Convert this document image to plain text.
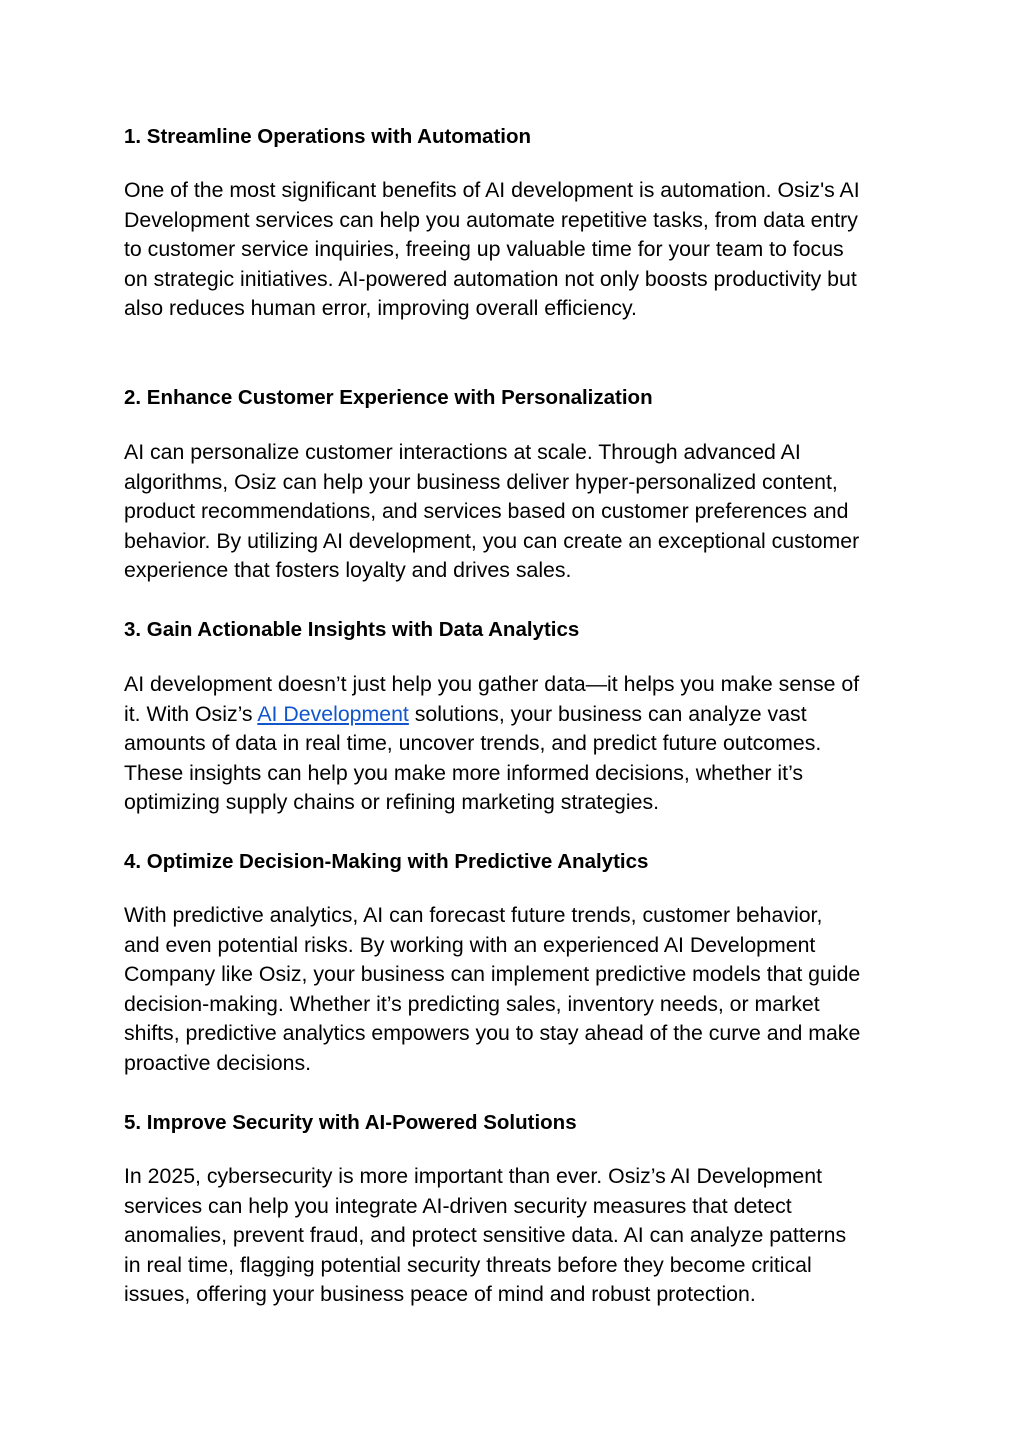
1. Streamline Operations with Automation

One of the most significant benefits of AI development is automation. Osiz's AI
Development services can help you automate repetitive tasks, from data entry
to customer service inquiries, freeing up valuable time for your team to focus
on strategic initiatives. AI-powered automation not only boosts productivity but
also reduces human error, improving overall efficiency.

2. Enhance Customer Experience with Personalization

AI can personalize customer interactions at scale. Through advanced AI
algorithms, Osiz can help your business deliver hyper-personalized content,
product recommendations, and services based on customer preferences and
behavior. By utilizing AI development, you can create an exceptional customer
experience that fosters loyalty and drives sales.

3. Gain Actionable Insights with Data Analytics

AI development doesn’t just help you gather data—it helps you make sense of
it. With Osiz’s AI Development solutions, your business can analyze vast
amounts of data in real time, uncover trends, and predict future outcomes.
These insights can help you make more informed decisions, whether it’s
optimizing supply chains or refining marketing strategies.

4. Optimize Decision-Making with Predictive Analytics

With predictive analytics, AI can forecast future trends, customer behavior,
and even potential risks. By working with an experienced AI Development
Company like Osiz, your business can implement predictive models that guide
decision-making. Whether it’s predicting sales, inventory needs, or market
shifts, predictive analytics empowers you to stay ahead of the curve and make
proactive decisions.

5. Improve Security with AI-Powered Solutions

In 2025, cybersecurity is more important than ever. Osiz’s AI Development
services can help you integrate AI-driven security measures that detect
anomalies, prevent fraud, and protect sensitive data. AI can analyze patterns
in real time, flagging potential security threats before they become critical
issues, offering your business peace of mind and robust protection.
